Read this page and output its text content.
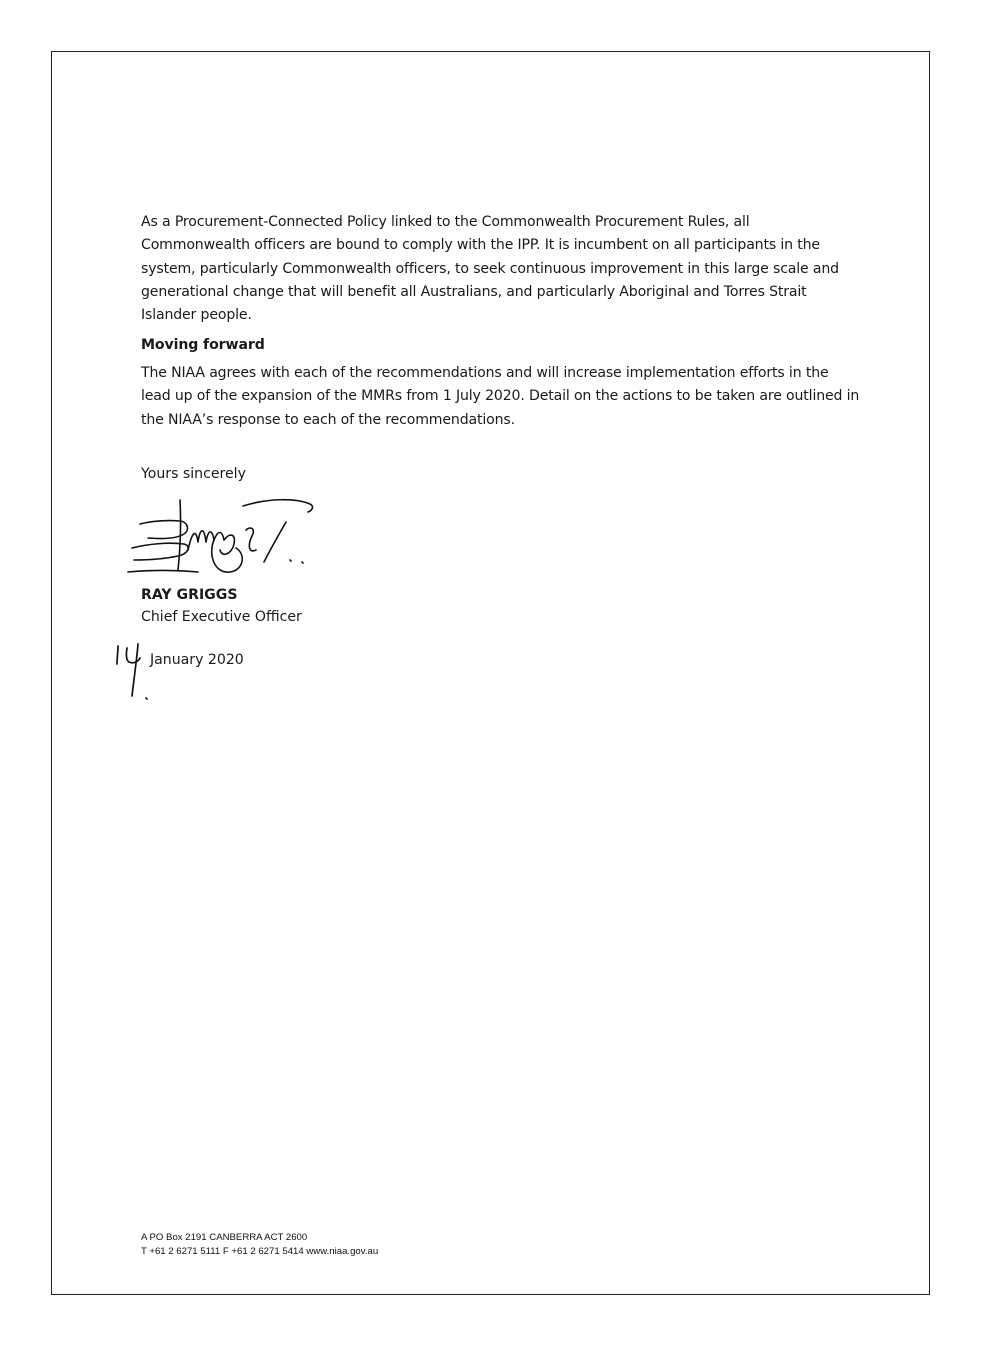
As a Procurement-Connected Policy linked to the Commonwealth Procurement Rules, all Commonwealth officers are bound to comply with the IPP. It is incumbent on all participants in the system, particularly Commonwealth officers, to seek continuous improvement in this large scale and generational change that will benefit all Australians, and particularly Aboriginal and Torres Strait Islander people.

Moving forward

The NIAA agrees with each of the recommendations and will increase implementation efforts in the lead up of the expansion of the MMRs from 1 July 2020. Detail on the actions to be taken are outlined in the NIAA’s response to each of the recommendations.

Yours sincerely
RAY GRIGGS
Chief Executive Officer
January 2020
A PO Box 2191 CANBERRA ACT 2600
T +61 2 6271 5111 F +61 2 6271 5414 www.niaa.gov.au
